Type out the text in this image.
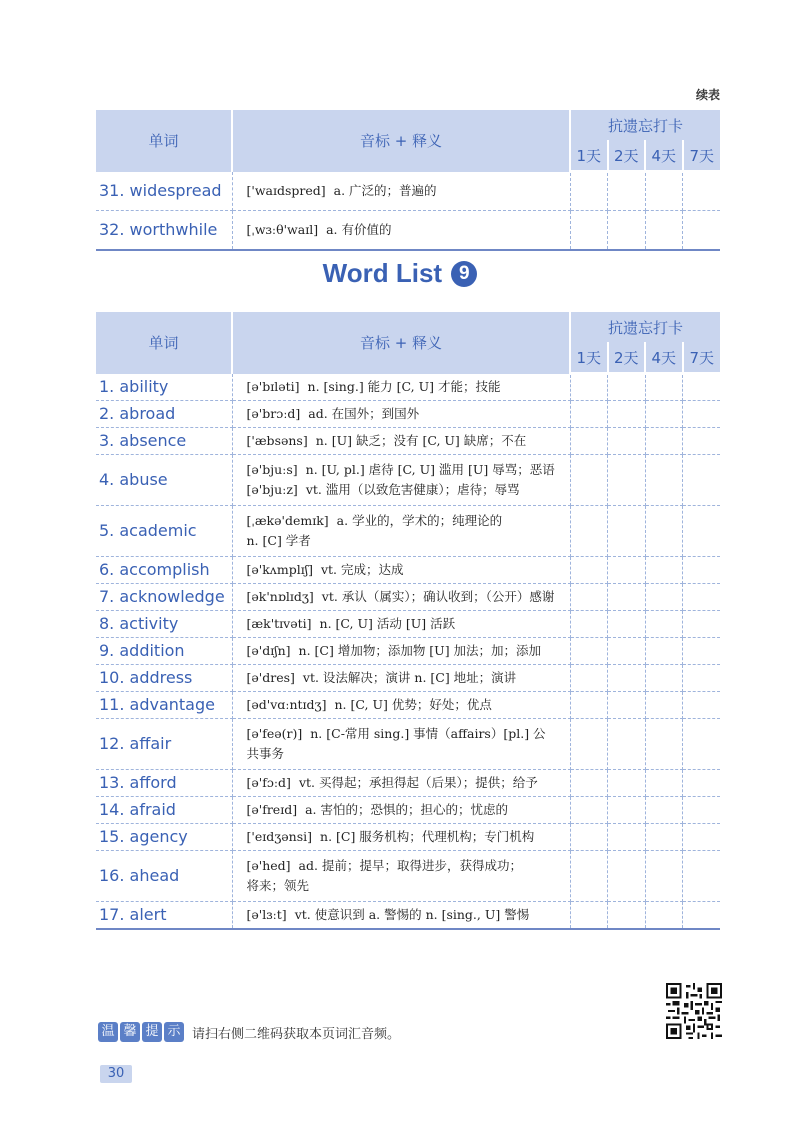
续表
单词	音标 + 释义	抗遗忘打卡			
		1天	2天	4天	7天
31. widespread	['waɪdspred] a. 广泛的；普遍的				

32. worthwhile	[ˌwɜːθ'waɪl] a. 有价值的				

Word List 9
单词	音标 + 释义	抗遗忘打卡			
		1天	2天	4天	7天
1. ability	[ə'bɪləti] n. [sing.] 能力 [C, U] 才能；技能				

2. abroad	[ə'brɔːd] ad. 在国外；到国外				

3. absence	['æbsəns] n. [U] 缺乏；没有 [C, U] 缺席；不在				

4. abuse	[ə'bjuːs] n. [U, pl.] 虐待 [C, U] 滥用 [U] 辱骂；恶语
[ə'bjuːz] vt. 滥用（以致危害健康）；虐待；辱骂				

5. academic	[ˌækə'demɪk] a. 学业的，学术的；纯理论的
n. [C] 学者				

6. accomplish	[ə'kʌmplɪʃ] vt. 完成；达成				

7. acknowledge	[ək'nɒlɪdʒ] vt. 承认（属实）；确认收到；（公开）感谢				

8. activity	[æk'tɪvəti] n. [C, U] 活动 [U] 活跃				

9. addition	[ə'dɪʃn] n. [C] 增加物；添加物 [U] 加法；加；添加				

10. address	[ə'dres] vt. 设法解决；演讲 n. [C] 地址；演讲				

11. advantage	[əd'vɑːntɪdʒ] n. [C, U] 优势；好处；优点				

12. affair	[ə'feə(r)] n. [C-常用 sing.] 事情（affairs）[pl.] 公
共事务				

13. afford	[ə'fɔːd] vt. 买得起；承担得起（后果）；提供；给予				

14. afraid	[ə'freɪd] a. 害怕的；恐惧的；担心的；忧虑的				

15. agency	['eɪdʒənsi] n. [C] 服务机构；代理机构；专门机构				

16. ahead	[ə'hed] ad. 提前；提早；取得进步，获得成功；
将来；领先				

17. alert	[ə'lɜːt] vt. 使意识到 a. 警惕的 n. [sing., U] 警惕				

温 馨 提 示 请扫右侧二维码获取本页词汇音频。
30
